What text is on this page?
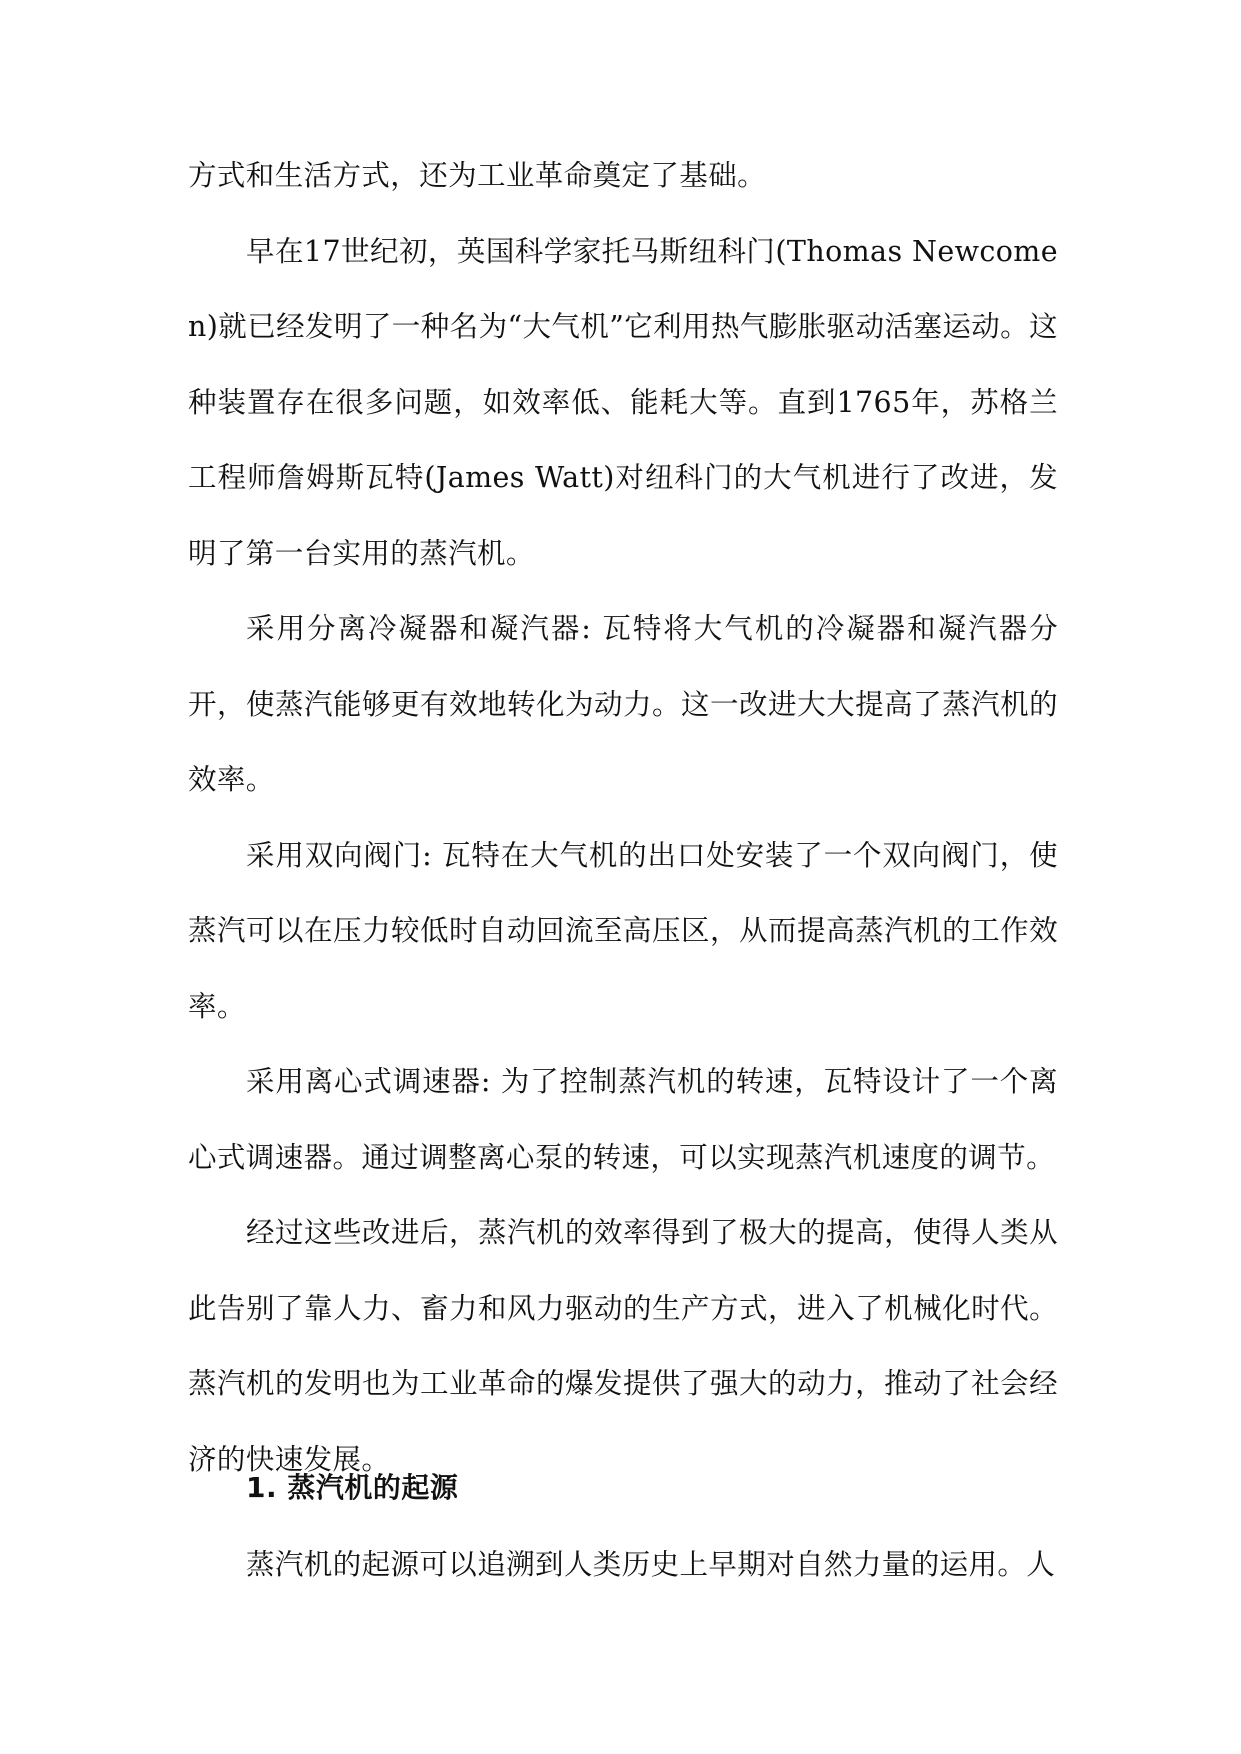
方式和生活方式，还为工业革命奠定了基础。

早在17世纪初，英国科学家托马斯纽科门(Thomas Newcomen)就已经发明了一种名为“大气机”它利用热气膨胀驱动活塞运动。这种装置存在很多问题，如效率低、能耗大等。直到1765年，苏格兰工程师詹姆斯瓦特(James Watt)对纽科门的大气机进行了改进，发明了第一台实用的蒸汽机。

采用分离冷凝器和凝汽器: 瓦特将大气机的冷凝器和凝汽器分开，使蒸汽能够更有效地转化为动力。这一改进大大提高了蒸汽机的效率。

采用双向阀门: 瓦特在大气机的出口处安装了一个双向阀门，使蒸汽可以在压力较低时自动回流至高压区，从而提高蒸汽机的工作效率。

采用离心式调速器: 为了控制蒸汽机的转速，瓦特设计了一个离心式调速器。通过调整离心泵的转速，可以实现蒸汽机速度的调节。

经过这些改进后，蒸汽机的效率得到了极大的提高，使得人类从此告别了靠人力、畜力和风力驱动的生产方式，进入了机械化时代。蒸汽机的发明也为工业革命的爆发提供了强大的动力，推动了社会经济的快速发展。

1. 蒸汽机的起源

蒸汽机的起源可以追溯到人类历史上早期对自然力量的运用。人
